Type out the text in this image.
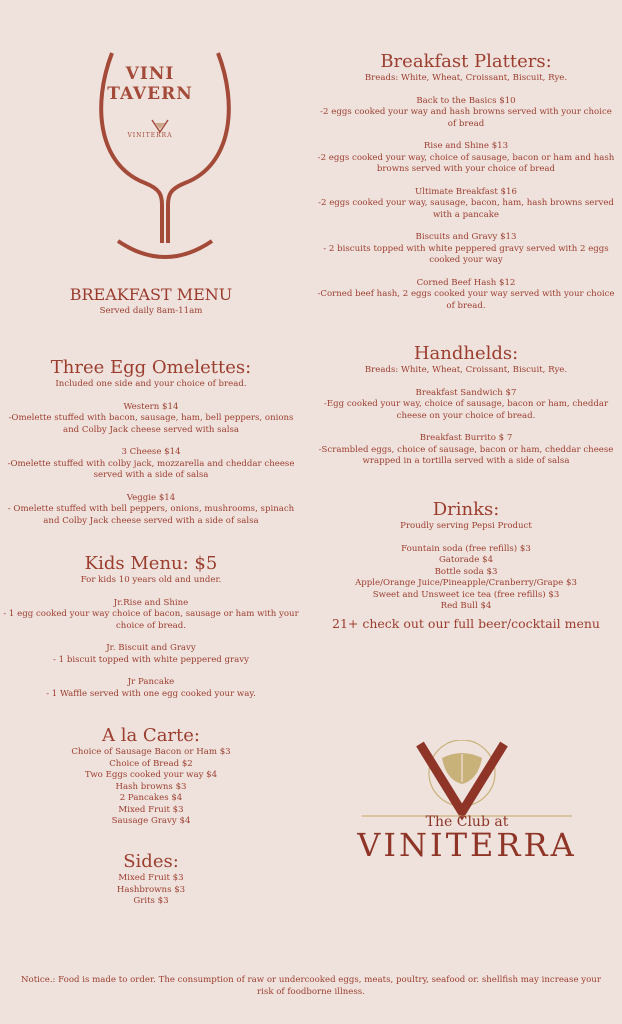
VINI
TAVERN
VINITERRA
BREAKFAST MENU
Served daily 8am-11am

Three Egg Omelettes:

Included one side and your choice of bread.

Western $14
-Omelette stuffed with bacon, sausage, ham, bell peppers, onions and Colby Jack cheese served with salsa
3 Cheese $14
-Omelette stuffed with colby jack, mozzarella and cheddar cheese served with a side of salsa
Veggie $14
- Omelette stuffed with bell peppers, onions, mushrooms, spinach and Colby Jack cheese served with a side of salsa

Kids Menu: $5

For kids 10 years old and under.

Jr.Rise and Shine
- 1 egg cooked your way choice of bacon, sausage or ham with your choice of bread.
Jr. Biscuit and Gravy
- 1 biscuit topped with white peppered gravy
Jr Pancake
- 1 Waffle served with one egg cooked your way.

A la Carte:

Choice of Sausage Bacon or Ham $3
Choice of Bread $2
Two Eggs cooked your way $4
Hash browns $3
2 Pancakes $4
Mixed Fruit $3
Sausage Gravy $4

Sides:

Mixed Fruit $3
Hashbrowns $3
Grits $3

Breakfast Platters:

Breads: White, Wheat, Croissant, Biscuit, Rye.

Back to the Basics $10
-2 eggs cooked your way and hash browns served with your choice of bread
Rise and Shine $13
-2 eggs cooked your way, choice of sausage, bacon or ham and hash browns served with your choice of bread
Ultimate Breakfast $16
-2 eggs cooked your way, sausage, bacon, ham, hash browns served with a pancake
Biscuits and Gravy $13
- 2 biscuits topped with white peppered gravy served with 2 eggs cooked your way
Corned Beef Hash $12
-Corned beef hash, 2 eggs cooked your way served with your choice of bread.

Handhelds:

Breads: White, Wheat, Croissant, Biscuit, Rye.

Breakfast Sandwich $7
-Egg cooked your way, choice of sausage, bacon or ham, cheddar cheese on your choice of bread.
Breakfast Burrito $ 7
-Scrambled eggs, choice of sausage, bacon or ham, cheddar cheese wrapped in a tortilla served with a side of salsa

Drinks:

Proudly serving Pepsi Product

Fountain soda (free refills) $3
Gatorade $4
Bottle soda $3
Apple/Orange Juice/Pineapple/Cranberry/Grape $3
Sweet and Unsweet ice tea (free refills) $3
Red Bull $4
21+ check out our full beer/cocktail menu
The Club at
VINITERRA
Notice.: Food is made to order. The consumption of raw or undercooked eggs, meats, poultry, seafood or. shellfish may increase your risk of foodborne illness.
